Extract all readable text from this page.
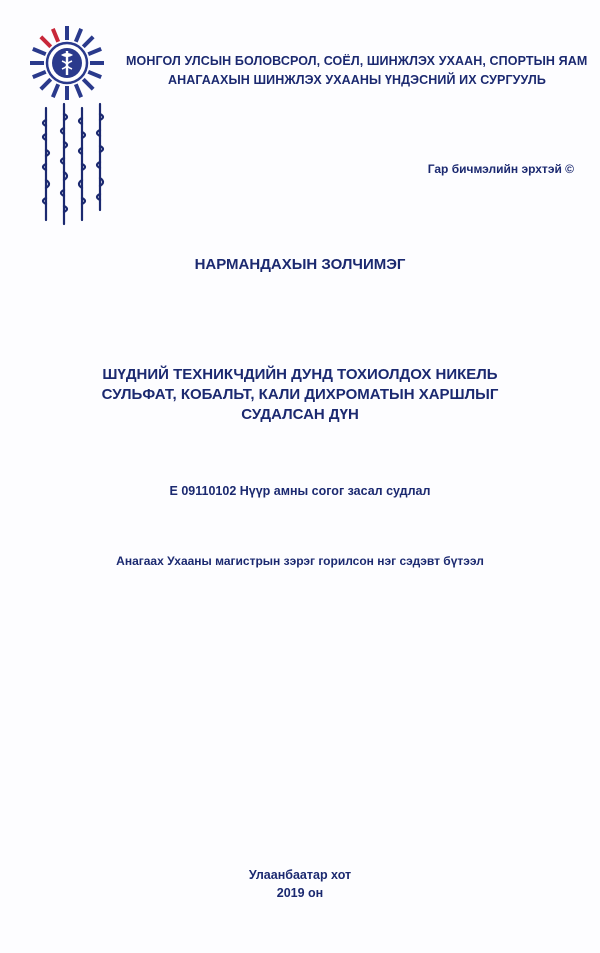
МОНГОЛ УЛСЫН БОЛОВСРОЛ, СОЁЛ, ШИНЖЛЭХ УХААН, СПОРТЫН ЯАМ
АНАГААХЫН ШИНЖЛЭХ УХААНЫ ҮНДЭСНИЙ ИХ СУРГУУЛЬ
Гар бичмэлийн эрхтэй ©
НАРМАНДАХЫН ЗОЛЧИМЭГ
ШҮДНИЙ ТЕХНИКЧДИЙН ДУНД ТОХИОЛДОХ НИКЕЛЬ
СУЛЬФАТ, КОБАЛЬТ, КАЛИ ДИХРОМАТЫН ХАРШЛЫГ
СУДАЛСАН ДҮН
Е 09110102 Нүүр амны согог засал судлал
Анагаах Ухааны магистрын зэрэг горилсон нэг сэдэвт бүтээл
Улаанбаатар хот
2019 он
